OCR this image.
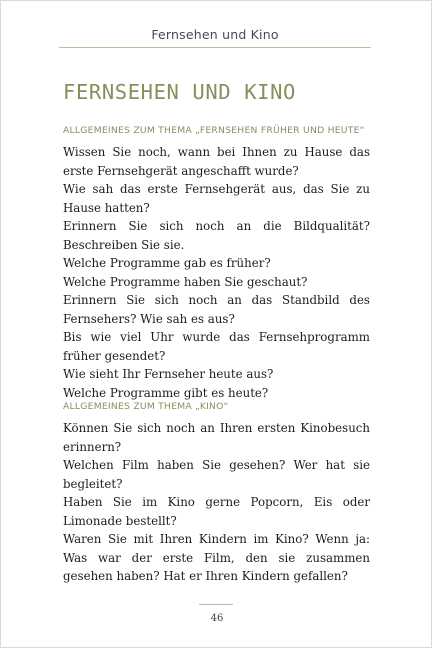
Fernsehen und Kino
FERNSEHEN UND KINO
ALLGEMEINES ZUM THEMA „FERNSEHEN FRÜHER UND HEUTE“
Wissen Sie noch, wann bei Ihnen zu Hause das erste Fernsehgerät angeschafft wurde?
Wie sah das erste Fernsehgerät aus, das Sie zu Hause hatten?
Erinnern Sie sich noch an die Bildqualität? Beschreiben Sie sie.
Welche Programme gab es früher?
Welche Programme haben Sie geschaut?
Erinnern Sie sich noch an das Standbild des Fernsehers? Wie sah es aus?
Bis wie viel Uhr wurde das Fernsehprogramm früher gesendet?
Wie sieht Ihr Fernseher heute aus?
Welche Programme gibt es heute?
ALLGEMEINES ZUM THEMA „KINO“
Können Sie sich noch an Ihren ersten Kinobesuch erinnern?
Welchen Film haben Sie gesehen? Wer hat sie begleitet?
Haben Sie im Kino gerne Popcorn, Eis oder Limonade bestellt?
Waren Sie mit Ihren Kindern im Kino? Wenn ja: Was war der erste Film, den sie zusammen gesehen haben? Hat er Ihren Kindern gefallen?
46
